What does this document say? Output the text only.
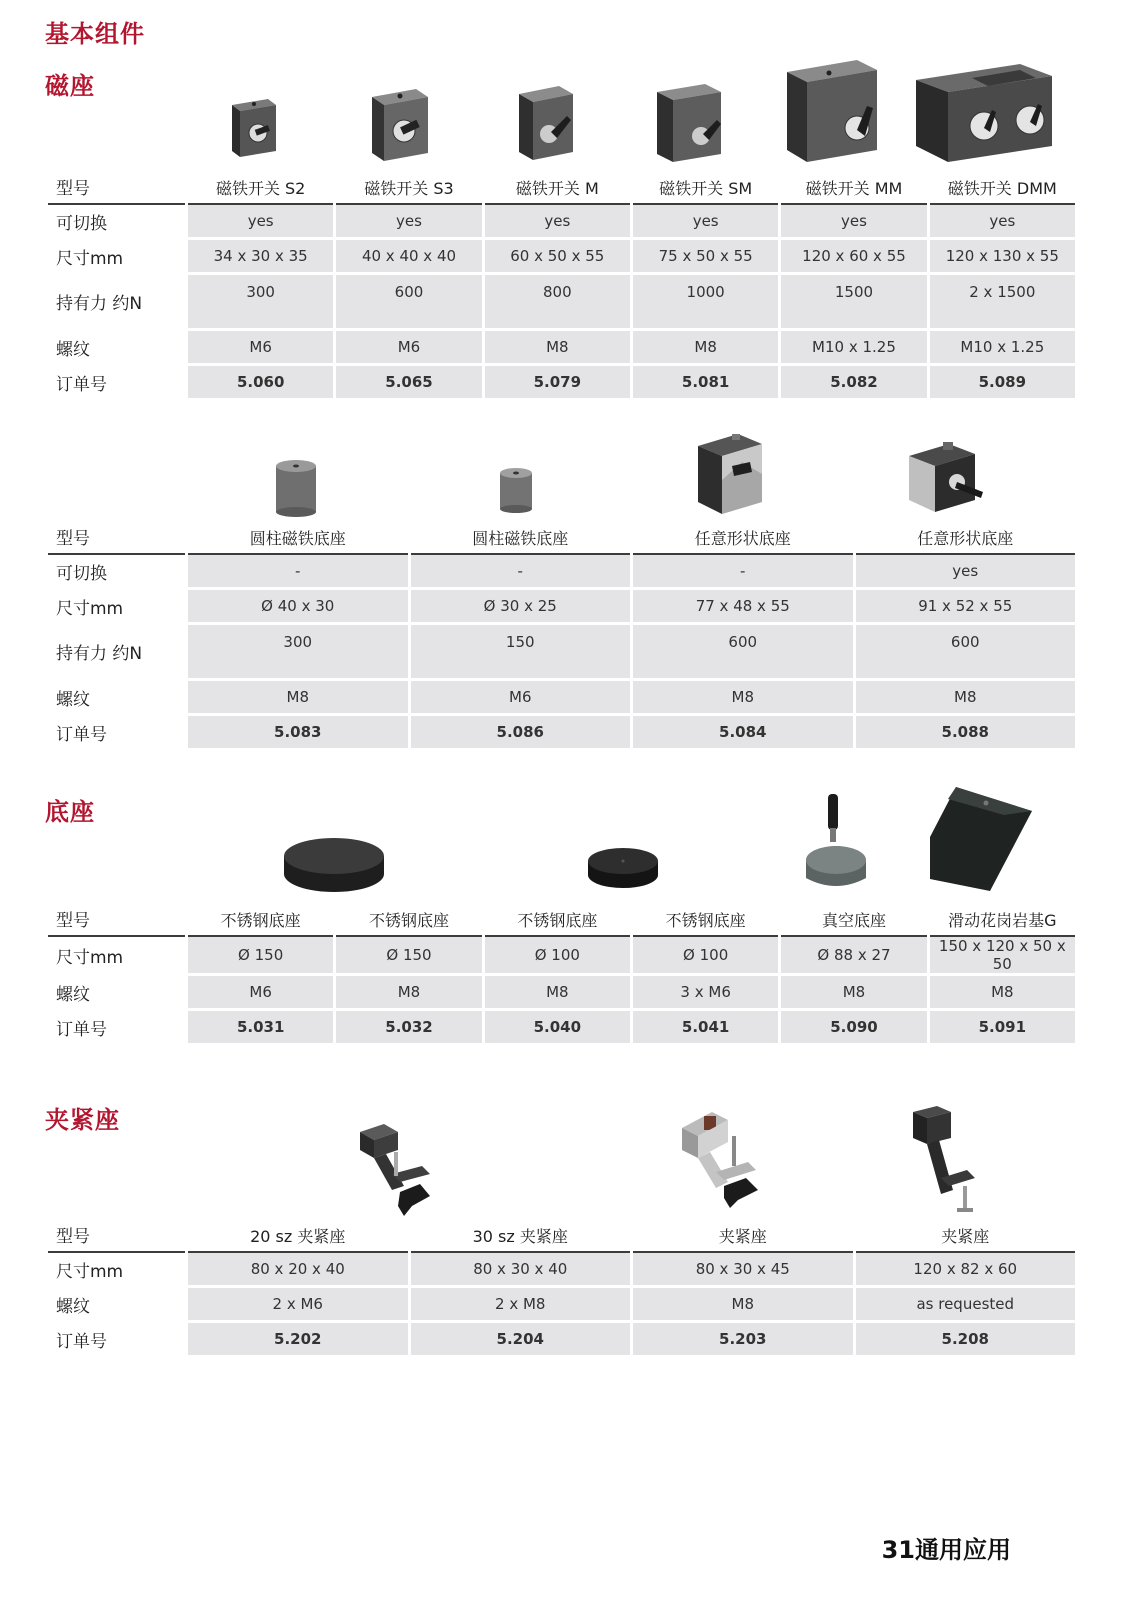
基本组件
磁座
型号	磁铁开关 S2	磁铁开关 S3	磁铁开关 M	磁铁开关 SM	磁铁开关 MM	磁铁开关 DMM
可切换	yes	yes	yes	yes	yes	yes
尺寸mm	34 x 30 x 35	40 x 40 x 40	60 x 50 x 55	75 x 50 x 55	120 x 60 x 55	120 x 130 x 55
持有力 约N	300	600	800	1000	1500	2 x 1500
螺纹	M6	M6	M8	M8	M10 x 1.25	M10 x 1.25
订单号	5.060	5.065	5.079	5.081	5.082	5.089
型号	圆柱磁铁底座	圆柱磁铁底座	任意形状底座	任意形状底座
可切换	-	-	-	yes
尺寸mm	Ø 40 x 30	Ø 30 x 25	77 x 48 x 55	91 x 52 x 55
持有力 约N	300	150	600	600
螺纹	M8	M6	M8	M8
订单号	5.083	5.086	5.084	5.088
底座
型号	不锈钢底座	不锈钢底座	不锈钢底座	不锈钢底座	真空底座	滑动花岗岩基G
尺寸mm	Ø 150	Ø 150	Ø 100	Ø 100	Ø 88 x 27	150 x 120 x 50 x 50
螺纹	M6	M8	M8	3 x M6	M8	M8
订单号	5.031	5.032	5.040	5.041	5.090	5.091
夹紧座
型号	20 sz 夹紧座	30 sz 夹紧座	夹紧座	夹紧座
尺寸mm	80 x 20 x 40	80 x 30 x 40	80 x 30 x 45	120 x 82 x 60
螺纹	2 x M6	2 x M8	M8	as requested
订单号	5.202	5.204	5.203	5.208
31通用应用
